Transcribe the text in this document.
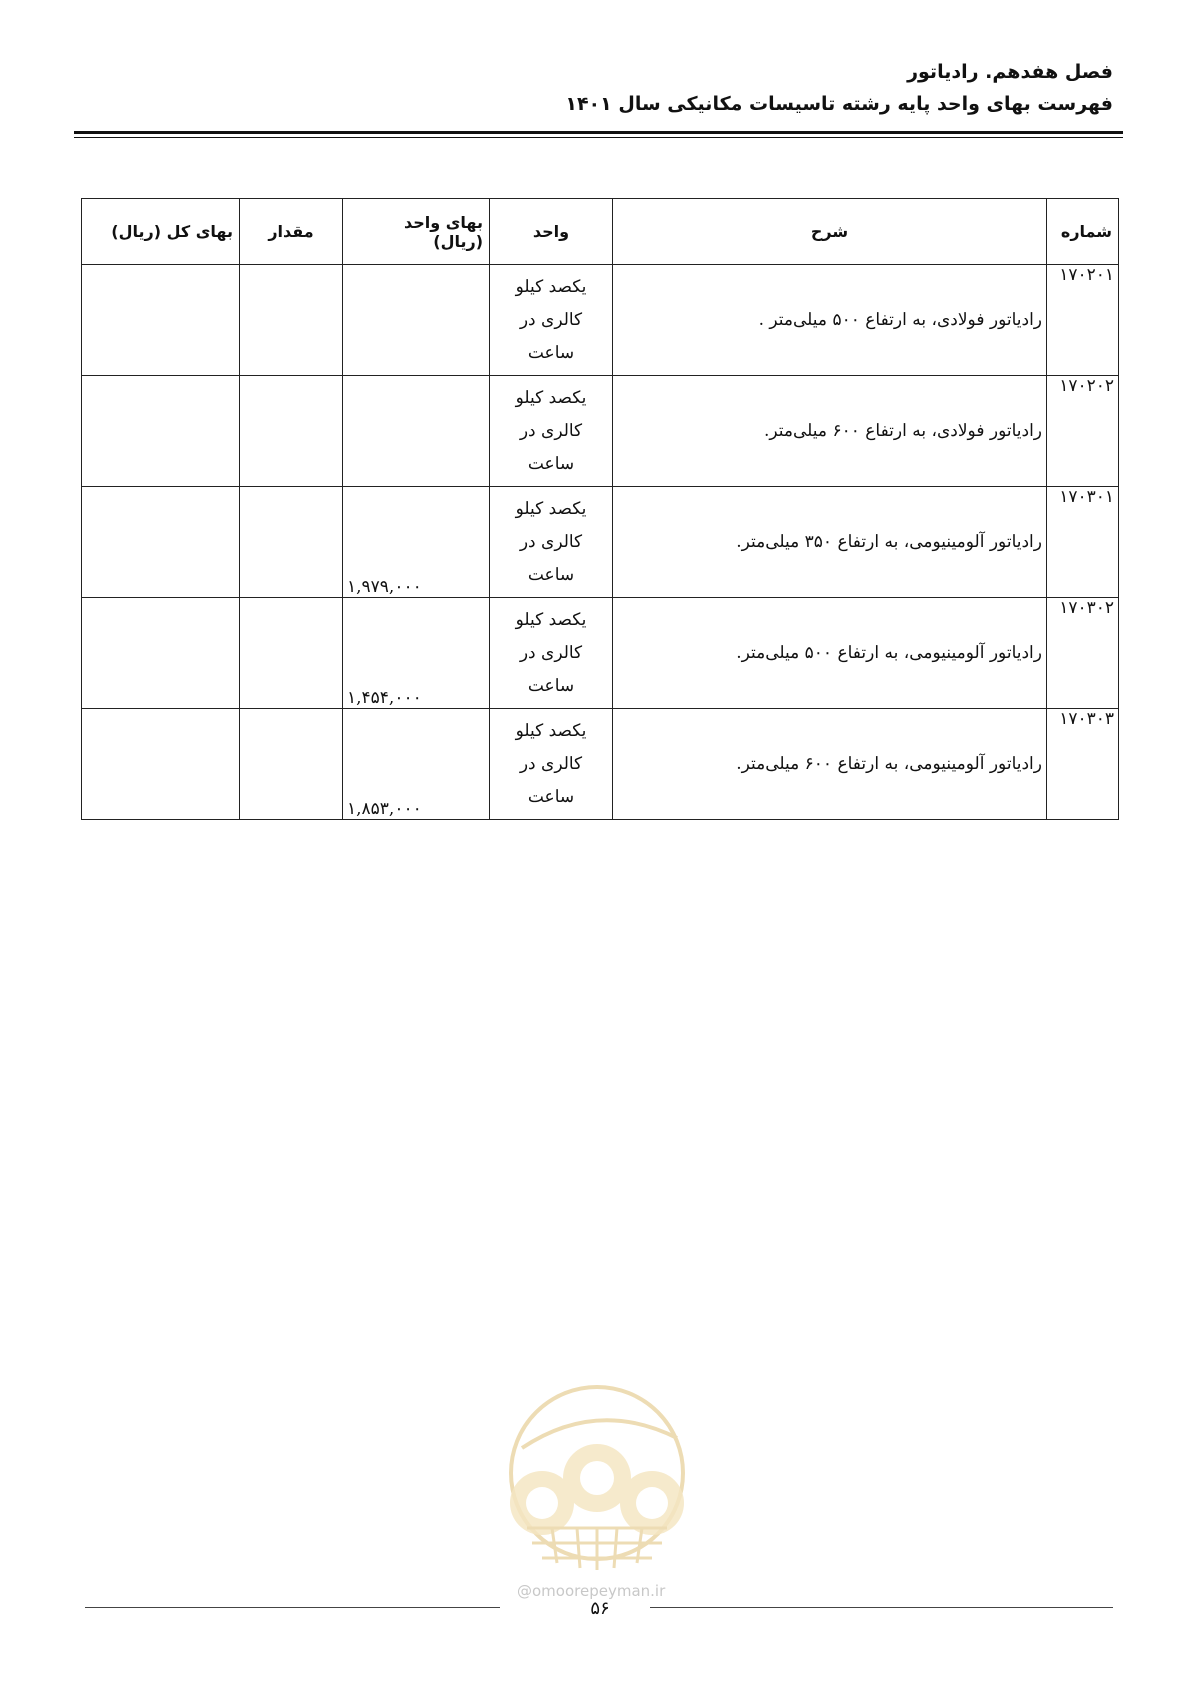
فصل هفدهم. رادیاتور
فهرست بهای واحد پایه رشته تاسیسات مکانیکی سال ۱۴۰۱
شماره	شرح	واحد	بهای واحد (ریال)	مقدار	بهای کل (ریال)
۱۷۰۲۰۱	رادیاتور فولادی، به ارتفاع ۵۰۰ میلی‌متر .	یکصد کیلو
کالری در
ساعت			

۱۷۰۲۰۲	رادیاتور فولادی، به ارتفاع ۶۰۰ میلی‌متر.	یکصد کیلو
کالری در
ساعت			

۱۷۰۳۰۱	رادیاتور آلومینیومی، به ارتفاع ۳۵۰ میلی‌متر.	یکصد کیلو
کالری در
ساعت	۱,۹۷۹,۰۰۰		
۱۷۰۳۰۲	رادیاتور آلومینیومی، به ارتفاع ۵۰۰ میلی‌متر.	یکصد کیلو
کالری در
ساعت	۱,۴۵۴,۰۰۰		
۱۷۰۳۰۳	رادیاتور آلومینیومی، به ارتفاع ۶۰۰ میلی‌متر.	یکصد کیلو
کالری در
ساعت	۱,۸۵۳,۰۰۰		
@omoorepeyman.ir
۵۶
